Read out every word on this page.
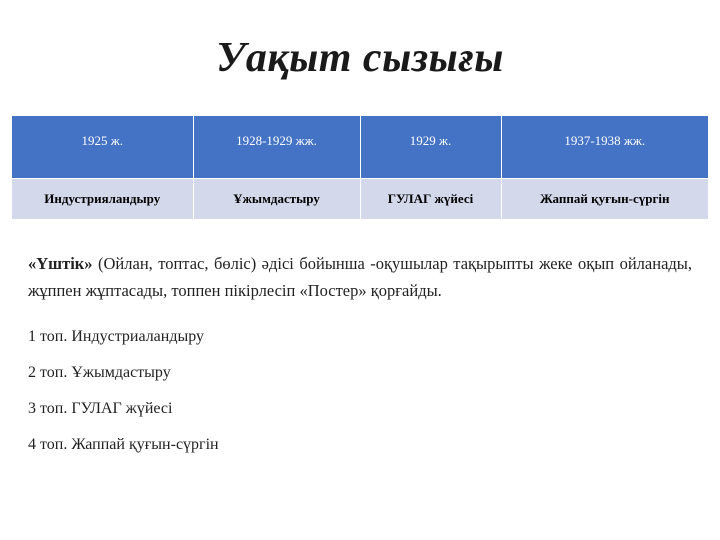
Уақыт сызығы
1925 ж.	1928-1929 жж.	1929 ж.	1937-1938 жж.
Индустрияландыру	Ұжымдастыру	ГУЛАГ жүйесі	Жаппай қуғын-сүргін
«Үштік» (Ойлан, топтас, бөліс) әдісі бойынша -оқушылар тақырыпты жеке оқып ойланады, жұппен жұптасады, топпен пікірлесіп «Постер» қорғайды.
1 топ. Индустриаландыру
2 топ. Ұжымдастыру
3 топ. ГУЛАГ жүйесі
4 топ. Жаппай қуғын-сүргін
